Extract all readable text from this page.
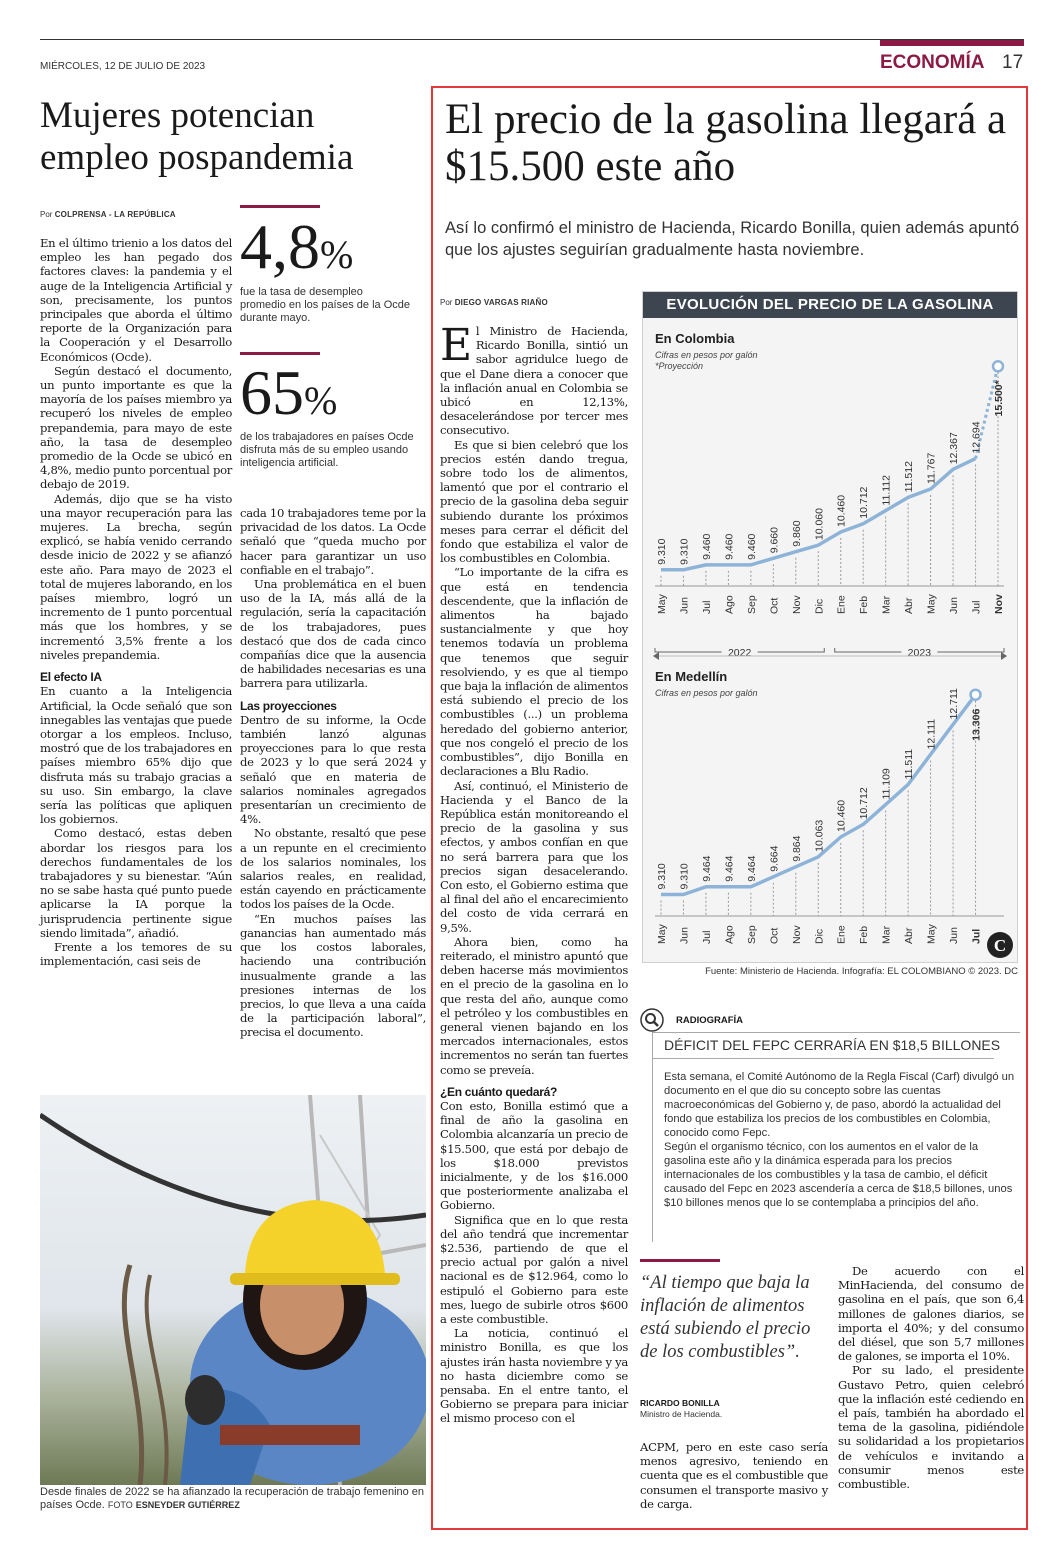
MIÉRCOLES, 12 DE JULIO DE 2023	ECONOMÍA 17
Mujeres potencian empleo pospandemia
Por COLPRENSA - LA REPÚBLICA

En el último trienio a los datos del empleo les han pegado dos factores claves: la pandemia y el auge de la Inteligencia Artificial y son, precisamente, los puntos principales que aborda el último reporte de la Organización para la Cooperación y el Desarrollo Económicos (Ocde).

Según destacó el documento, un punto importante es que la mayoría de los países miembro ya recuperó los niveles de empleo prepandemia, para mayo de este año, la tasa de desempleo promedio de la Ocde se ubicó en 4,8%, medio punto porcentual por debajo de 2019.

Además, dijo que se ha visto una mayor recuperación para las mujeres. La brecha, según explicó, se había venido cerrando desde inicio de 2022 y se afianzó este año. Para mayo de 2023 el total de mujeres laborando, en los países miembro, logró un incremento de 1 punto porcentual más que los hombres, y se incrementó 3,5% frente a los niveles prepandemia.

El efecto IA

En cuanto a la Inteligencia Artificial, la Ocde señaló que son innegables las ventajas que puede otorgar a los empleos. Incluso, mostró que de los trabajadores en países miembro 65% dijo que disfruta más su trabajo gracias a su uso. Sin embargo, la clave sería las políticas que apliquen los gobiernos.

Como destacó, estas deben abordar los riesgos para los derechos fundamentales de los trabajadores y su bienestar. “Aún no se sabe hasta qué punto puede aplicarse la IA porque la jurisprudencia pertinente sigue siendo limitada”, añadió.

Frente a los temores de su implementación, casi seis de

4,8%
fue la tasa de desempleo promedio en los países de la Ocde durante mayo.
65%
de los trabajadores en países Ocde disfruta más de su empleo usando inteligencia artificial.

cada 10 trabajadores teme por la privacidad de los datos. La Ocde señaló que “queda mucho por hacer para garantizar un uso confiable en el trabajo”.

Una problemática en el buen uso de la IA, más allá de la regulación, sería la capacitación de los trabajadores, pues destacó que dos de cada cinco compañías dice que la ausencia de habilidades necesarias es una barrera para utilizarla.

Las proyecciones

Dentro de su informe, la Ocde también lanzó algunas proyecciones para lo que resta de 2023 y lo que será 2024 y señaló que en materia de salarios nominales agregados presentarían un crecimiento de 4%.

No obstante, resaltó que pese a un repunte en el crecimiento de los salarios nominales, los salarios reales, en realidad, están cayendo en prácticamente todos los países de la Ocde.

“En muchos países las ganancias han aumentado más que los costos laborales, haciendo una contribución inusualmente grande a las presiones internas de los precios, lo que lleva a una caída de la participación laboral”, precisa el documento.

Desde finales de 2022 se ha afianzado la recuperación de trabajo femenino en países Ocde. FOTO ESNEYDER GUTIÉRREZ
El precio de la gasolina llegará a $15.500 este año
Así lo confirmó el ministro de Hacienda, Ricardo Bonilla, quien además apuntó que los ajustes seguirían gradualmente hasta noviembre.
Por DIEGO VARGAS RIAÑO

El Ministro de Hacienda, Ricardo Bonilla, sintió un sabor agridulce luego de que el Dane diera a conocer que la inflación anual en Colombia se ubicó en 12,13%, desacelerándose por tercer mes consecutivo.

Es que si bien celebró que los precios estén dando tregua, sobre todo los de alimentos, lamentó que por el contrario el precio de la gasolina deba seguir subiendo durante los próximos meses para cerrar el déficit del fondo que estabiliza el valor de los combustibles en Colombia.

“Lo importante de la cifra es que está en tendencia descendente, que la inflación de alimentos ha bajado sustancialmente y que hoy tenemos todavía un problema que tenemos que seguir resolviendo, y es que al tiempo que baja la inflación de alimentos está subiendo el precio de los combustibles (...) un problema heredado del gobierno anterior, que nos congeló el precio de los combustibles”, dijo Bonilla en declaraciones a Blu Radio.

Así, continuó, el Ministerio de Hacienda y el Banco de la República están monitoreando el precio de la gasolina y sus efectos, y ambos confían en que no será barrera para que los precios sigan desacelerando. Con esto, el Gobierno estima que al final del año el encarecimiento del costo de vida cerrará en 9,5%.

Ahora bien, como ha reiterado, el ministro apuntó que deben hacerse más movimientos en el precio de la gasolina en lo que resta del año, aunque como el petróleo y los combustibles en general vienen bajando en los mercados internacionales, estos incrementos no serán tan fuertes como se preveía.

¿En cuánto quedará?

Con esto, Bonilla estimó que a final de año la gasolina en Colombia alcanzaría un precio de $15.500, que está por debajo de los $18.000 previstos inicialmente, y de los $16.000 que posteriormente analizaba el Gobierno.

Significa que en lo que resta del año tendrá que incrementar $2.536, partiendo de que el precio actual por galón a nivel nacional es de $12.964, como lo estipuló el Gobierno para este mes, luego de subirle otros $600 a este combustible.

La noticia, continuó el ministro Bonilla, es que los ajustes irán hasta noviembre y ya no hasta diciembre como se pensaba. En el entre tanto, el Gobierno se prepara para iniciar el mismo proceso con el

EVOLUCIÓN DEL PRECIO DE LA GASOLINA
En Colombia
Cifras en pesos por galón
*Proyección
9.310 9.310 9.460 9.460 9.460 9.660 9.860 10.060 10.460 10.712 11.112 11.512 11.767
12.367 12.694
15.500*
May Jun Jul Ago Sep Oct Nov Dic Ene Feb Mar Abr May Jun Jul Nov
2022	2023
En Medellín
Cifras en pesos por galón
9.310 9.310 9.464 9.464 9.464 9.664 9.864 10.063
10.460 10.712
11.109
11.511
12.111
12.711
13.306
May Jun Jul Ago Sep Oct Nov Dic Ene Feb Mar Abr May Jun Jul C
Fuente: Ministerio de Hacienda. Infografía: EL COLOMBIANO © 2023. DC
RADIOGRAFÍA
DÉFICIT DEL FEPC CERRARÍA EN $18,5 BILLONES

Esta semana, el Comité Autónomo de la Regla Fiscal (Carf) divulgó un documento en el que dio su concepto sobre las cuentas macroeconómicas del Gobierno y, de paso, abordó la actualidad del fondo que estabiliza los precios de los combustibles en Colombia, conocido como Fepc.

Según el organismo técnico, con los aumentos en el valor de la gasolina este año y la dinámica esperada para los precios internacionales de los combustibles y la tasa de cambio, el déficit causado del Fepc en 2023 ascendería a cerca de $18,5 billones, unos $10 billones menos que lo se contemplaba a principios del año.

“Al tiempo que baja la inflación de alimentos está subiendo el precio de los combustibles”.
RICARDO BONILLA
Ministro de Hacienda.

ACPM, pero en este caso sería menos agresivo, teniendo en cuenta que es el combustible que consumen el transporte masivo y de carga.

De acuerdo con el MinHacienda, del consumo de gasolina en el país, que son 6,4 millones de galones diarios, se importa el 40%; y del consumo del diésel, que son 5,7 millones de galones, se importa el 10%.

Por su lado, el presidente Gustavo Petro, quien celebró que la inflación esté cediendo en el país, también ha abordado el tema de la gasolina, pidiéndole su solidaridad a los propietarios de vehículos e invitando a consumir menos este combustible.
